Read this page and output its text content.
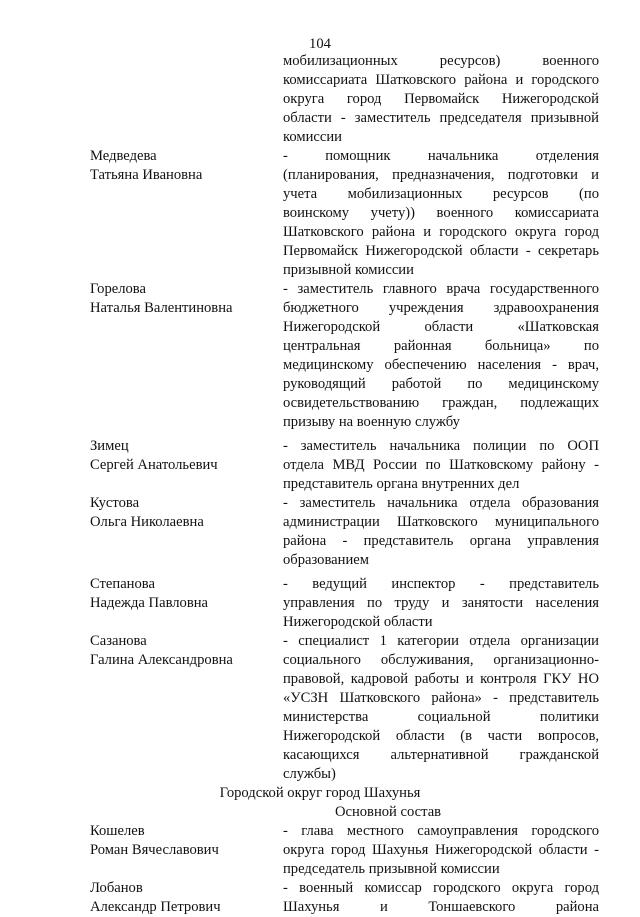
104
мобилизационных ресурсов) военного
комиссариата Шатковского района и городского
округа город Первомайск Нижегородской
области - заместитель председателя призывной
комиссии
Медведева
Татьяна Ивановна
- помощник начальника отделения
(планирования, предназначения, подготовки и
учета мобилизационных ресурсов (по
воинскому учету)) военного комиссариата
Шатковского района и городского округа город
Первомайск Нижегородской области - секретарь
призывной комиссии
Горелова
Наталья Валентиновна
- заместитель главного врача государственного
бюджетного учреждения здравоохранения
Нижегородской области «Шатковская
центральная районная больница» по
медицинскому обеспечению населения - врач,
руководящий работой по медицинскому
освидетельствованию граждан, подлежащих
призыву на военную службу
Зимец
Сергей Анатольевич
- заместитель начальника полиции по ООП
отдела МВД России по Шатковскому району -
представитель органа внутренних дел
Кустова
Ольга Николаевна
- заместитель начальника отдела образования
администрации Шатковского муниципального
района - представитель органа управления
образованием
Степанова
Надежда Павловна
- ведущий инспектор - представитель
управления по труду и занятости населения
Нижегородской области
Сазанова
Галина Александровна
- специалист 1 категории отдела организации
социального обслуживания, организационно-
правовой, кадровой работы и контроля ГКУ НО
«УСЗН Шатковского района» - представитель
министерства социальной политики
Нижегородской области (в части вопросов,
касающихся альтернативной гражданской
службы)
Городской округ город Шахунья
Основной состав
Кошелев
Роман Вячеславович
- глава местного самоуправления городского
округа город Шахунья Нижегородской области -
председатель призывной комиссии
Лобанов
Александр Петрович
- военный комиссар городского округа город
Шахунья и Тоншаевского района
